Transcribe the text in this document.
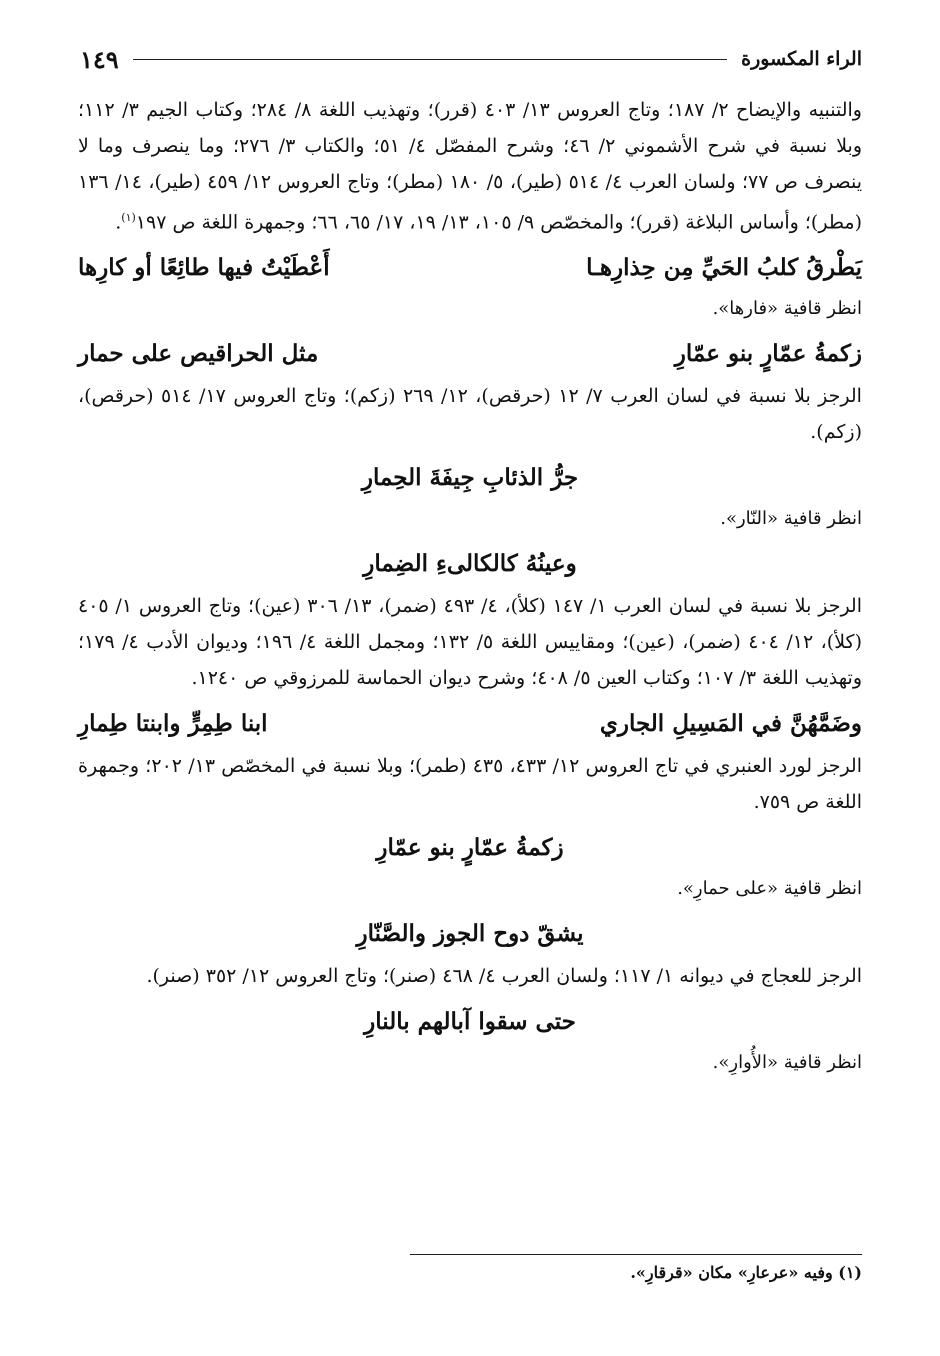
الراء المكسورة
١٤٩

والتنبيه والإيضاح ٢/ ١٨٧؛ وتاج العروس ١٣/ ٤٠٣ (قرر)؛ وتهذيب اللغة ٨/ ٢٨٤؛ وكتاب الجيم ٣/ ١١٢؛ وبلا نسبة في شرح الأشموني ٢/ ٤٦؛ وشرح المفصّل ٤/ ٥١؛ والكتاب ٣/ ٢٧٦؛ وما ينصرف وما لا ينصرف ص ٧٧؛ ولسان العرب ٤/ ٥١٤ (طير)، ٥/ ١٨٠ (مطر)؛ وتاج العروس ١٢/ ٤٥٩ (طير)، ١٤/ ١٣٦ (مطر)؛ وأساس البلاغة (قرر)؛ والمخصّص ٩/ ١٠٥، ١٣/ ١٩، ١٧/ ٦٥، ٦٦؛ وجمهرة اللغة ص ١٩٧$^{(١)}$.

يَطْرقُ كلبُ الحَيِّ مِن حِذارِهـا
أَعْطَيْتُ فيها طائِعًا أو كارِها

انظر قافية «فارها».

زكمةُ عمّارٍ بنو عمّارِ
مثل الحراقيص على حمار

الرجز بلا نسبة في لسان العرب ٧/ ١٢ (حرقص)، ١٢/ ٢٦٩ (زكم)؛ وتاج العروس ١٧/ ٥١٤ (حرقص)، (زكم).

جرُّ الذئابِ جِيفَةَ الحِمارِ

انظر قافية «النّار».

وعينُهُ كالكالىءِ الضِمارِ

الرجز بلا نسبة في لسان العرب ١/ ١٤٧ (كلأ)، ٤/ ٤٩٣ (ضمر)، ١٣/ ٣٠٦ (عين)؛ وتاج العروس ١/ ٤٠٥ (كلأ)، ١٢/ ٤٠٤ (ضمر)، (عين)؛ ومقاييس اللغة ٥/ ١٣٢؛ ومجمل اللغة ٤/ ١٩٦؛ وديوان الأدب ٤/ ١٧٩؛ وتهذيب اللغة ٣/ ١٠٧؛ وكتاب العين ٥/ ٤٠٨؛ وشرح ديوان الحماسة للمرزوقي ص ١٢٤٠.

وضَمَّهُنَّ في المَسِيلِ الجاري
ابنا طِمِرٍّ وابنتا طِمارِ

الرجز لورد العنبري في تاج العروس ١٢/ ٤٣٣، ٤٣٥ (طمر)؛ وبلا نسبة في المخصّص ١٣/ ٢٠٢؛ وجمهرة اللغة ص ٧٥٩.

زكمةُ عمّارٍ بنو عمّارِ

انظر قافية «على حمارِ».

يشقّ دوح الجوز والصَّنّارِ

الرجز للعجاج في ديوانه ١/ ١١٧؛ ولسان العرب ٤/ ٤٦٨ (صنر)؛ وتاج العروس ١٢/ ٣٥٢ (صنر).

حتى سقوا آبالهم بالنارِ

انظر قافية «الأُوارِ».

(١) وفيه «عرعارِ» مكان «قرقارِ».
